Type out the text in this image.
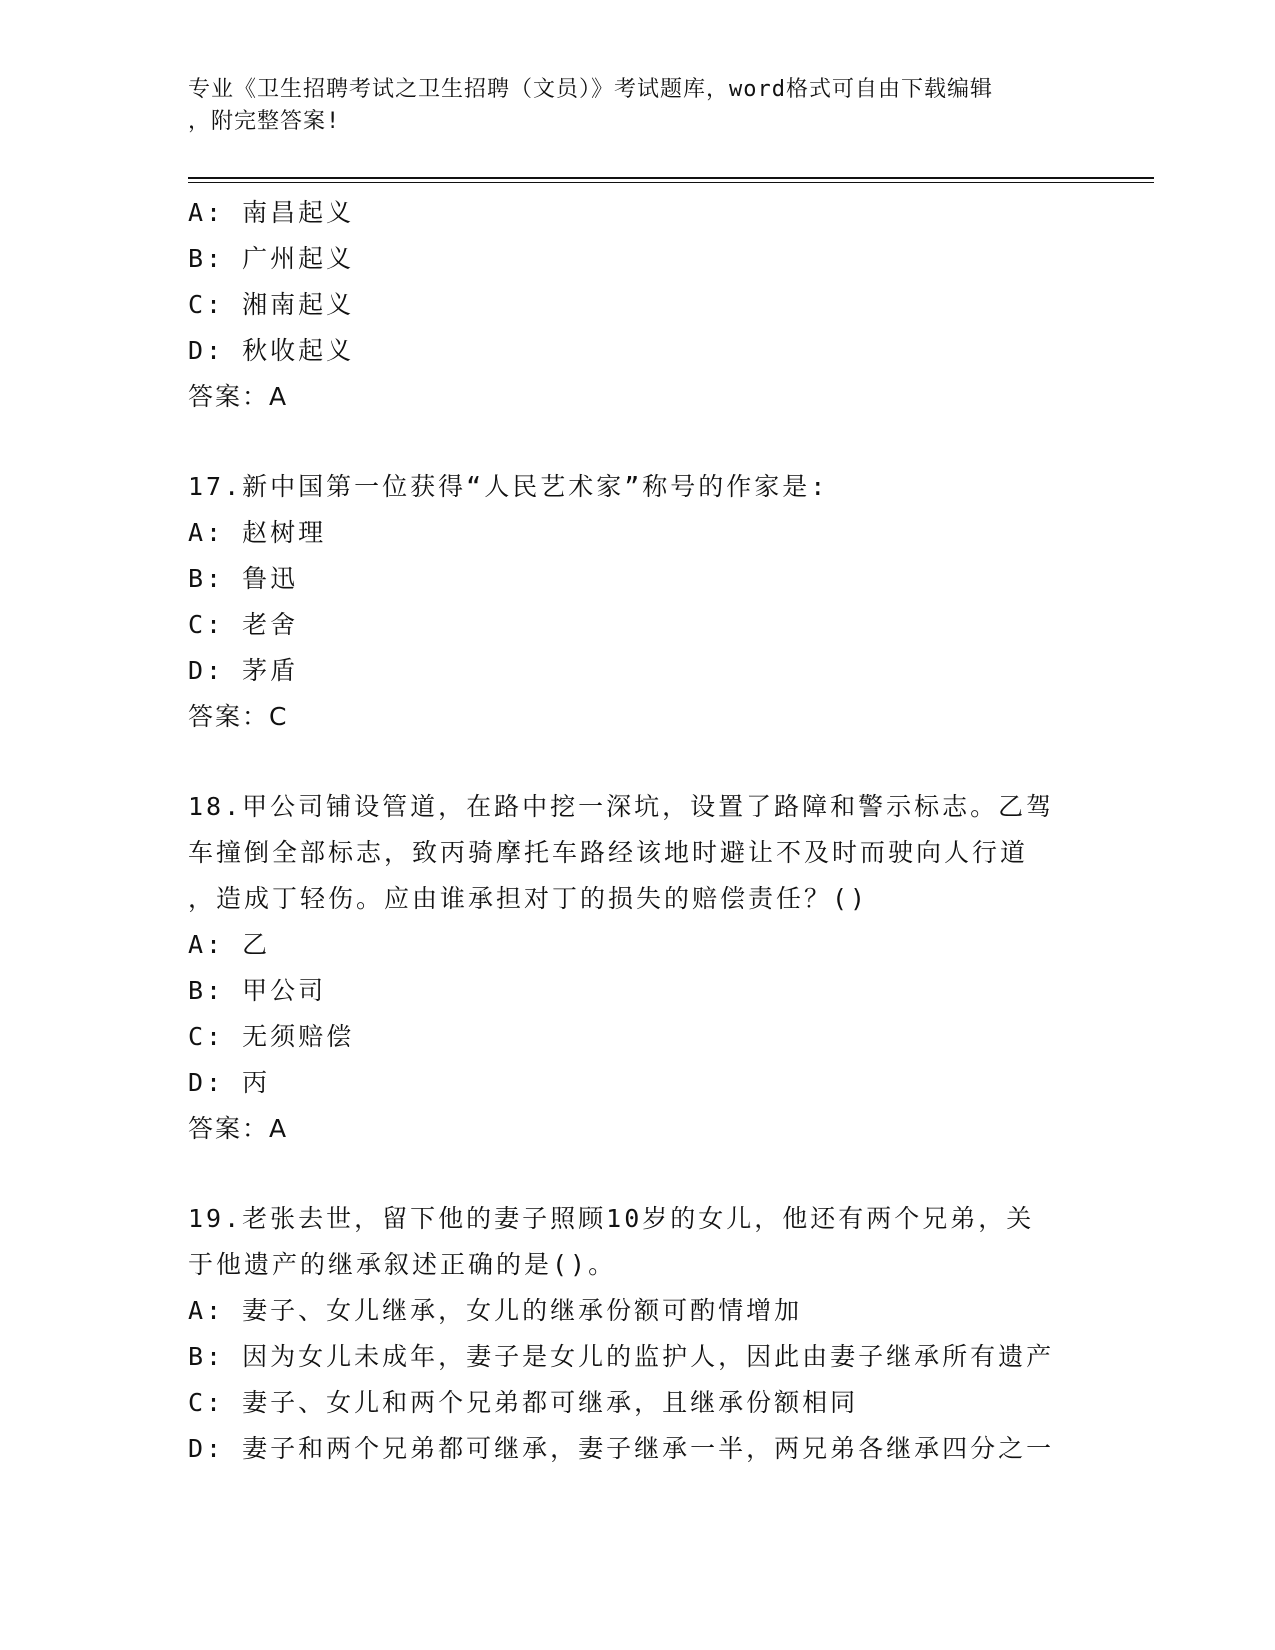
专业《卫生招聘考试之卫生招聘（文员）》考试题库，word格式可自由下载编辑
，附完整答案!
A: 南昌起义
B: 广州起义
C: 湘南起义
D: 秋收起义
答案：A
17.新中国第一位获得“人民艺术家”称号的作家是:
A: 赵树理
B: 鲁迅
C: 老舍
D: 茅盾
答案：C
18.甲公司铺设管道，在路中挖一深坑，设置了路障和警示标志。乙驾
车撞倒全部标志，致丙骑摩托车路经该地时避让不及时而驶向人行道
，造成丁轻伤。应由谁承担对丁的损失的赔偿责任？()
A: 乙
B: 甲公司
C: 无须赔偿
D: 丙
答案：A
19.老张去世，留下他的妻子照顾10岁的女儿，他还有两个兄弟，关
于他遗产的继承叙述正确的是()。
A: 妻子、女儿继承，女儿的继承份额可酌情增加
B: 因为女儿未成年，妻子是女儿的监护人，因此由妻子继承所有遗产
C: 妻子、女儿和两个兄弟都可继承，且继承份额相同
D: 妻子和两个兄弟都可继承，妻子继承一半，两兄弟各继承四分之一
